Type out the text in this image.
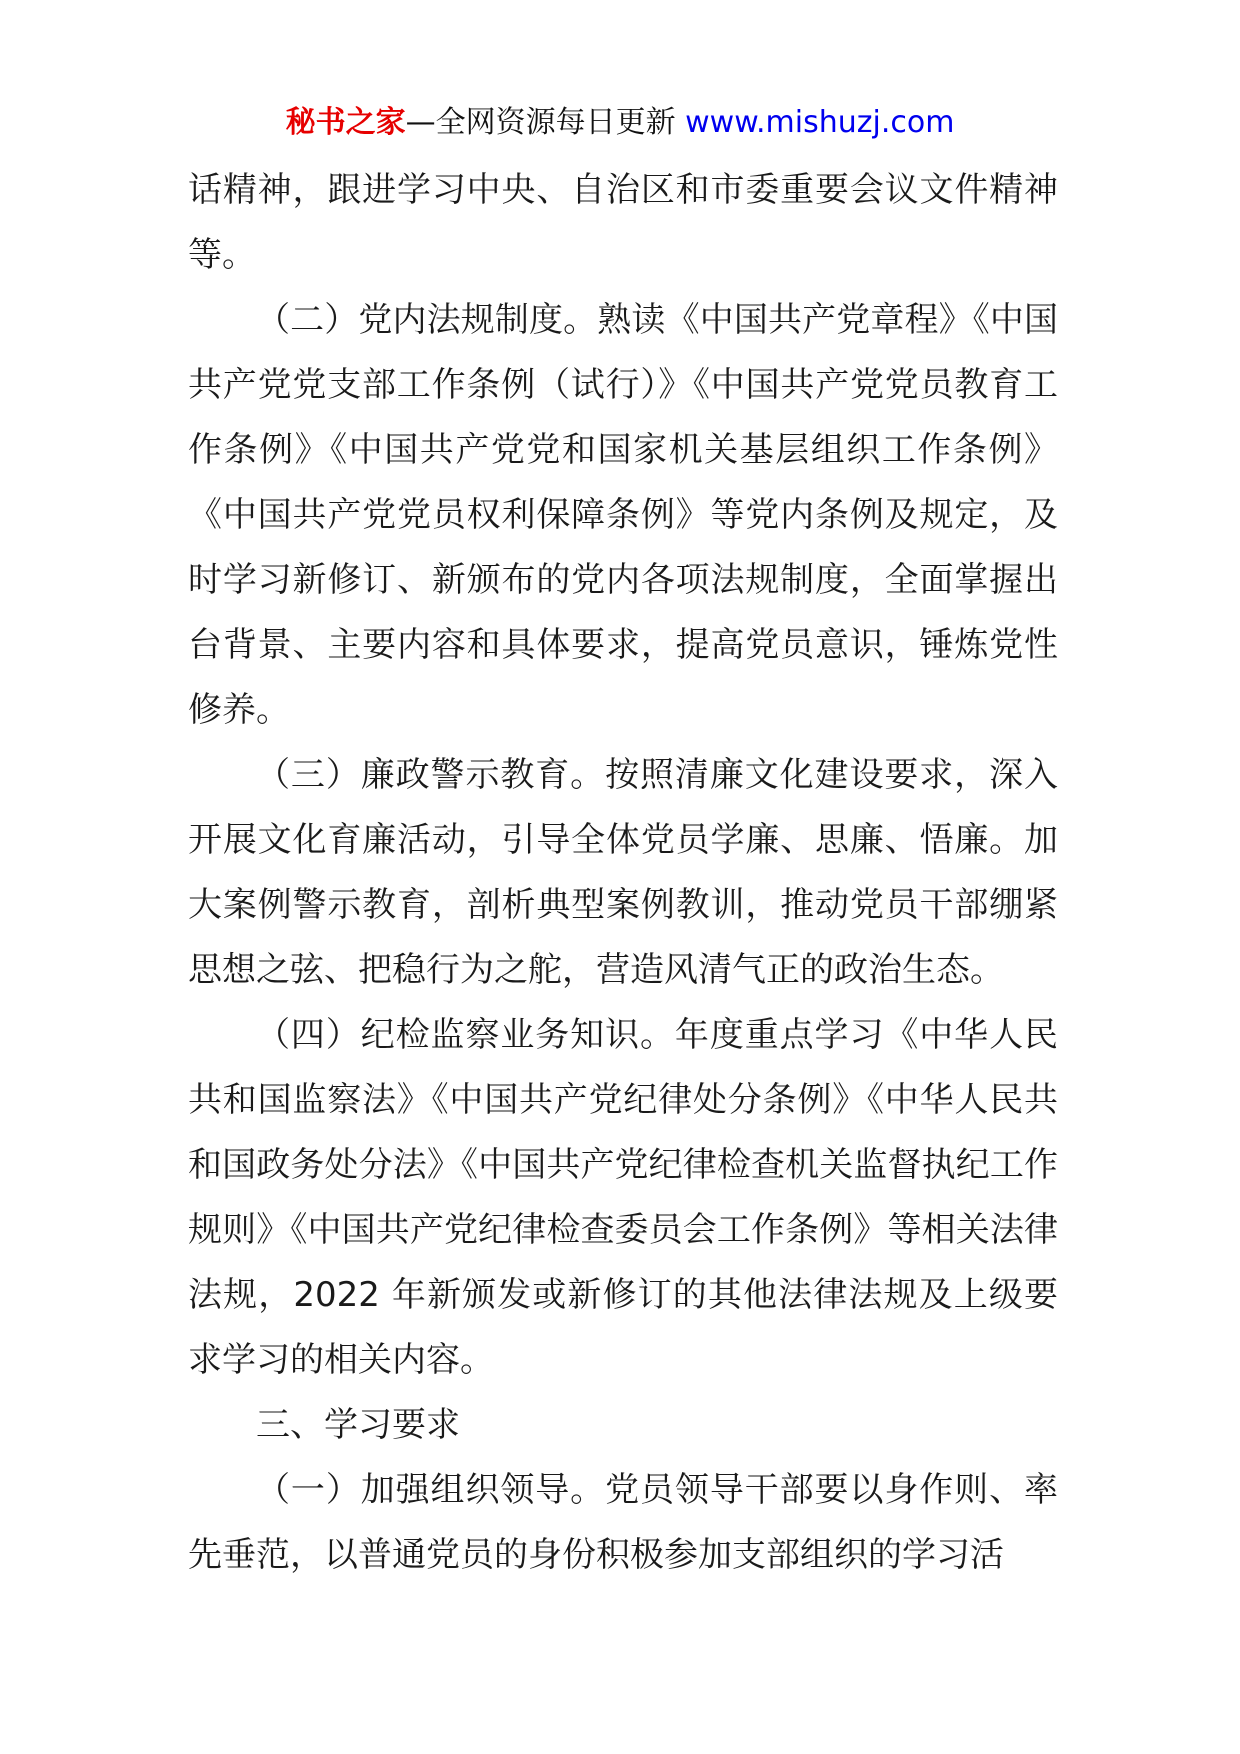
秘书之家—全网资源每日更新 www.mishuzj.com

话精神，跟进学习中央、自治区和市委重要会议文件精神等。

（二）党内法规制度。熟读《中国共产党章程》《中国共产党党支部工作条例（试行）》《中国共产党党员教育工作条例》《中国共产党党和国家机关基层组织工作条例》《中国共产党党员权利保障条例》等党内条例及规定，及时学习新修订、新颁布的党内各项法规制度，全面掌握出台背景、主要内容和具体要求，提高党员意识，锤炼党性修养。

（三）廉政警示教育。按照清廉文化建设要求，深入开展文化育廉活动，引导全体党员学廉、思廉、悟廉。加大案例警示教育，剖析典型案例教训，推动党员干部绷紧思想之弦、把稳行为之舵，营造风清气正的政治生态。

（四）纪检监察业务知识。年度重点学习《中华人民共和国监察法》《中国共产党纪律处分条例》《中华人民共和国政务处分法》《中国共产党纪律检查机关监督执纪工作规则》《中国共产党纪律检查委员会工作条例》等相关法律法规，2022 年新颁发或新修订的其他法律法规及上级要求学习的相关内容。

三、学习要求

（一）加强组织领导。党员领导干部要以身作则、率先垂范，以普通党员的身份积极参加支部组织的学习活
